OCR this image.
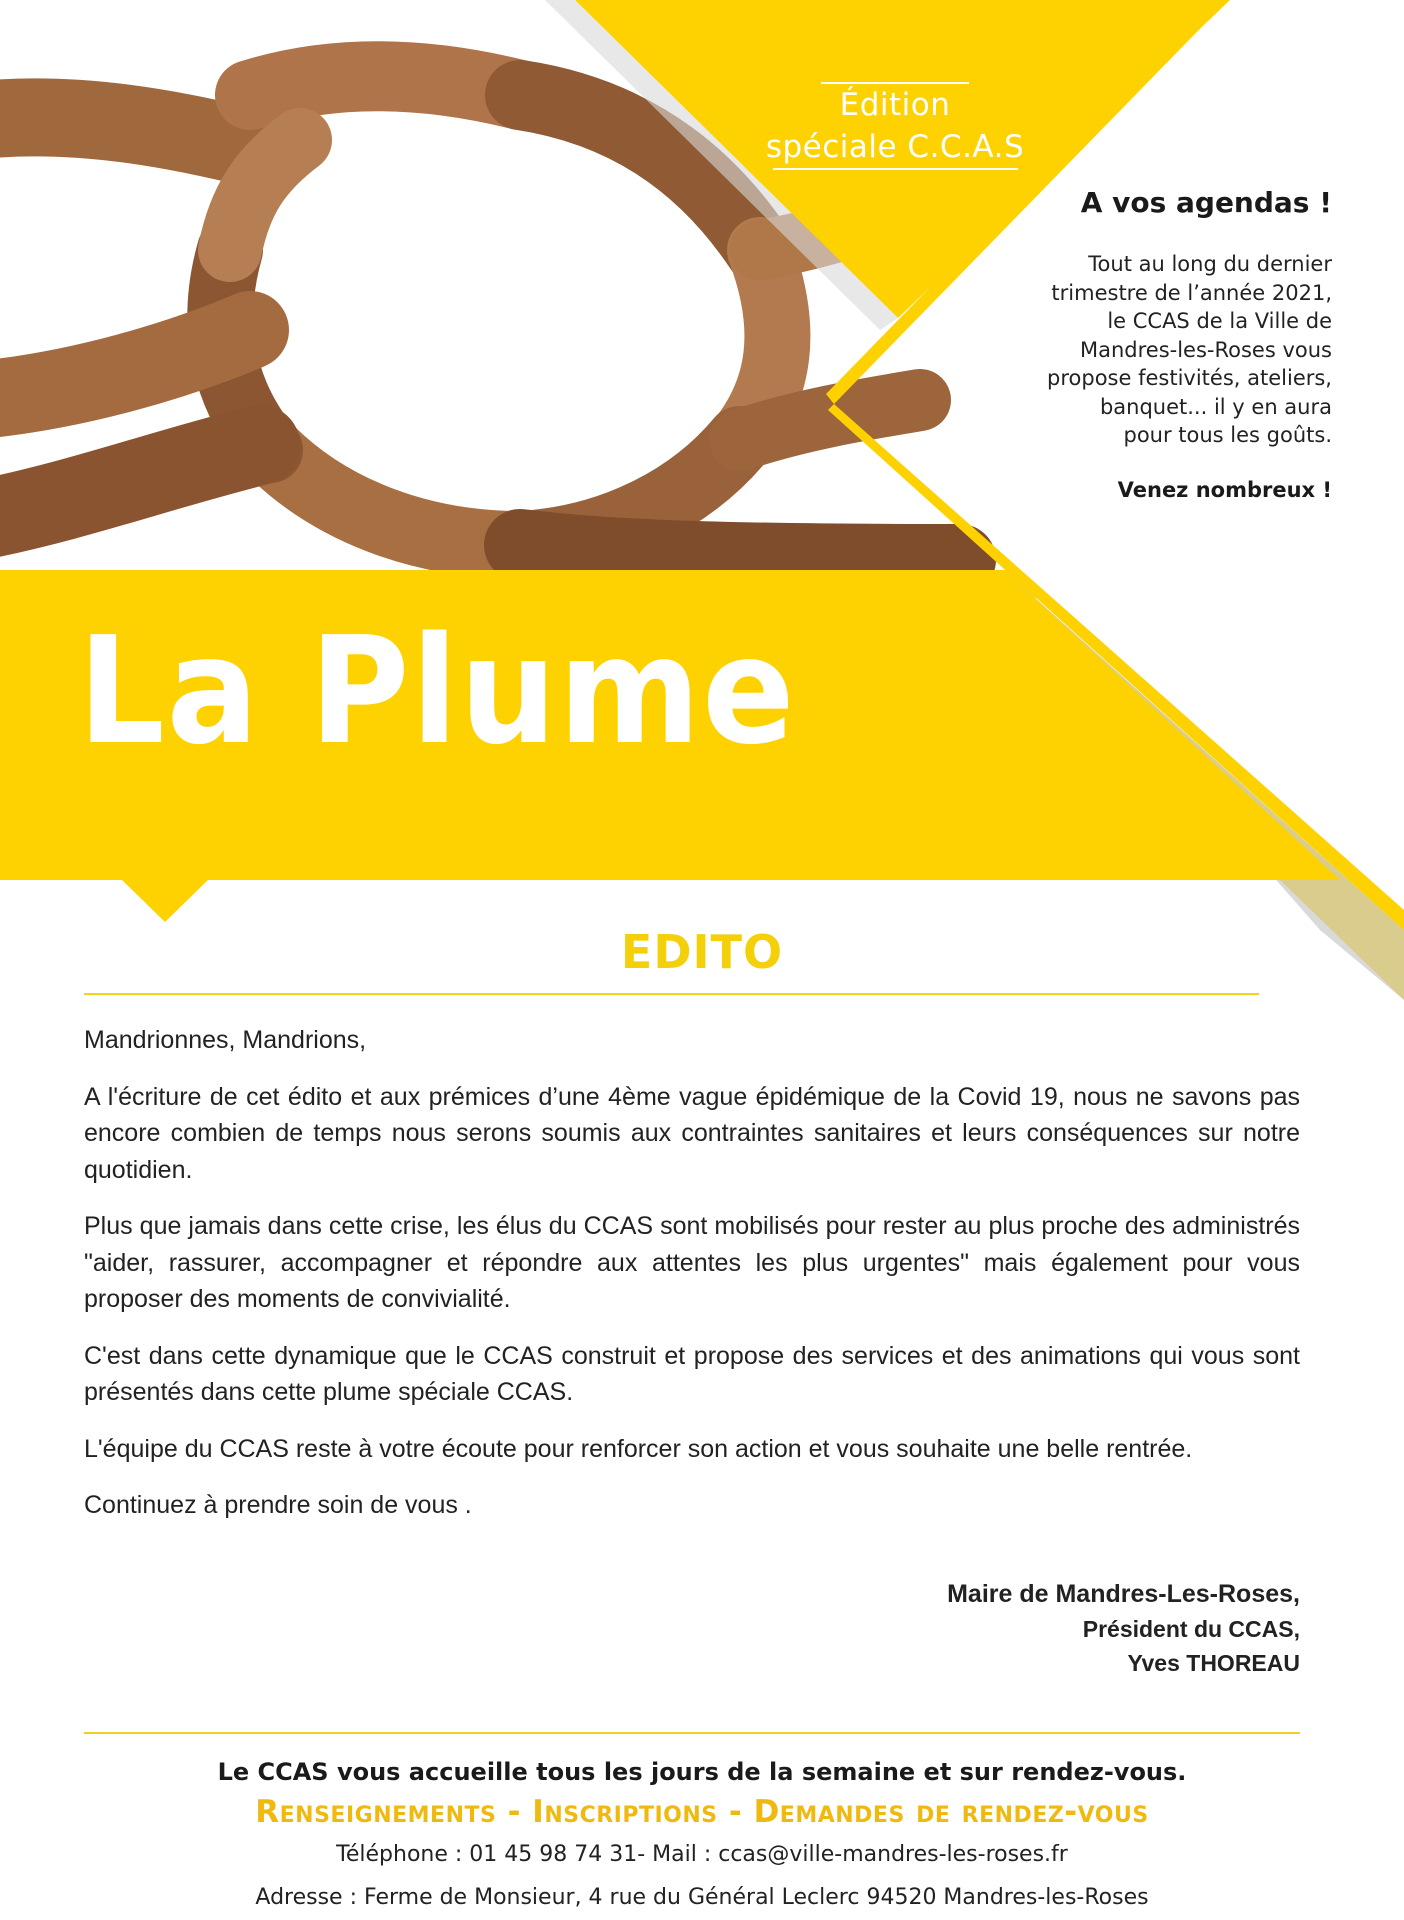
Édition
spéciale C.C.A.S
A vos agendas !
Tout au long du dernier
trimestre de l’année 2021,
le CCAS de la Ville de
Mandres-les-Roses vous
propose festivités, ateliers,
banquet... il y en aura
pour tous les goûts.
Venez nombreux !
La Plume
EDITO

Mandrionnes, Mandrions,

A l'écriture de cet édito et aux prémices d’une 4ème vague épidémique de la Covid 19, nous ne savons pas encore combien de temps nous serons soumis aux contraintes sanitaires et leurs conséquences sur notre quotidien.

Plus que jamais dans cette crise, les élus du CCAS sont mobilisés pour rester au plus proche des administrés "aider, rassurer, accompagner et répondre aux attentes les plus urgentes" mais également pour vous proposer des moments de convivialité.

C'est dans cette dynamique que le CCAS construit et propose des services et des animations qui vous sont présentés dans cette plume spéciale CCAS.

L'équipe du CCAS reste à votre écoute pour renforcer son action et vous souhaite une belle rentrée.

Continuez à prendre soin de vous .

Maire de Mandres-Les-Roses,
Président du CCAS,
Yves THOREAU
Le CCAS vous accueille tous les jours de la semaine et sur rendez-vous.
Renseignements - Inscriptions - Demandes de rendez-vous
Téléphone : 01 45 98 74 31- Mail : ccas@ville-mandres-les-roses.fr
Adresse : Ferme de Monsieur, 4 rue du Général Leclerc 94520 Mandres-les-Roses
